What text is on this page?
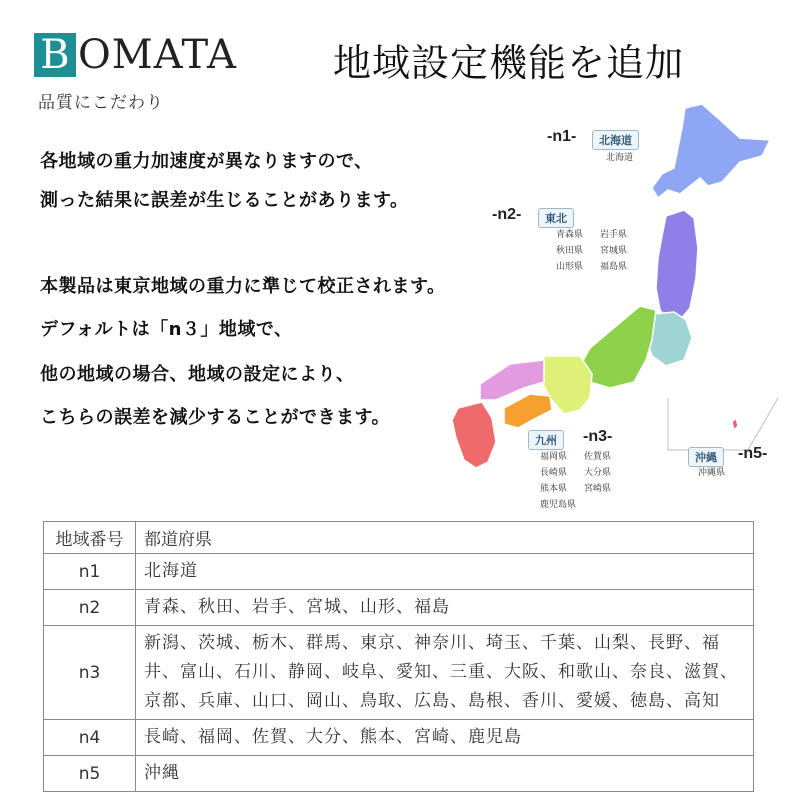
B OMATA
品質にこだわり
地域設定機能を追加
各地域の重力加速度が異なりますので、
測った結果に誤差が生じることがあります。
本製品は東京地域の重力に準じて校正されます。
デフォルトは「n３」地域で、
他の地域の場合、地域の設定により、
こちらの誤差を減少することができます。
-n1-	北海道
北海道
-n2-	東北
青森県 岩手県 秋田県 宮城県 山形県 福島県
-n3-
九州
福岡県 佐賀県 長崎県 大分県 熊本県 宮崎県 鹿児島県
-n5-
沖縄
沖縄県
地域番号	都道府県
n1	北海道

n2	青森、秋田、岩手、宮城、山形、福島

n3	新潟、茨城、栃木、群馬、東京、神奈川、埼玉、千葉、山梨、長野、福
井、富山、石川、静岡、岐阜、愛知、三重、大阪、和歌山、奈良、滋賀、
京都、兵庫、山口、岡山、鳥取、広島、島根、香川、愛媛、徳島、高知

n4	長崎、福岡、佐賀、大分、熊本、宮崎、鹿児島

n5	沖縄
